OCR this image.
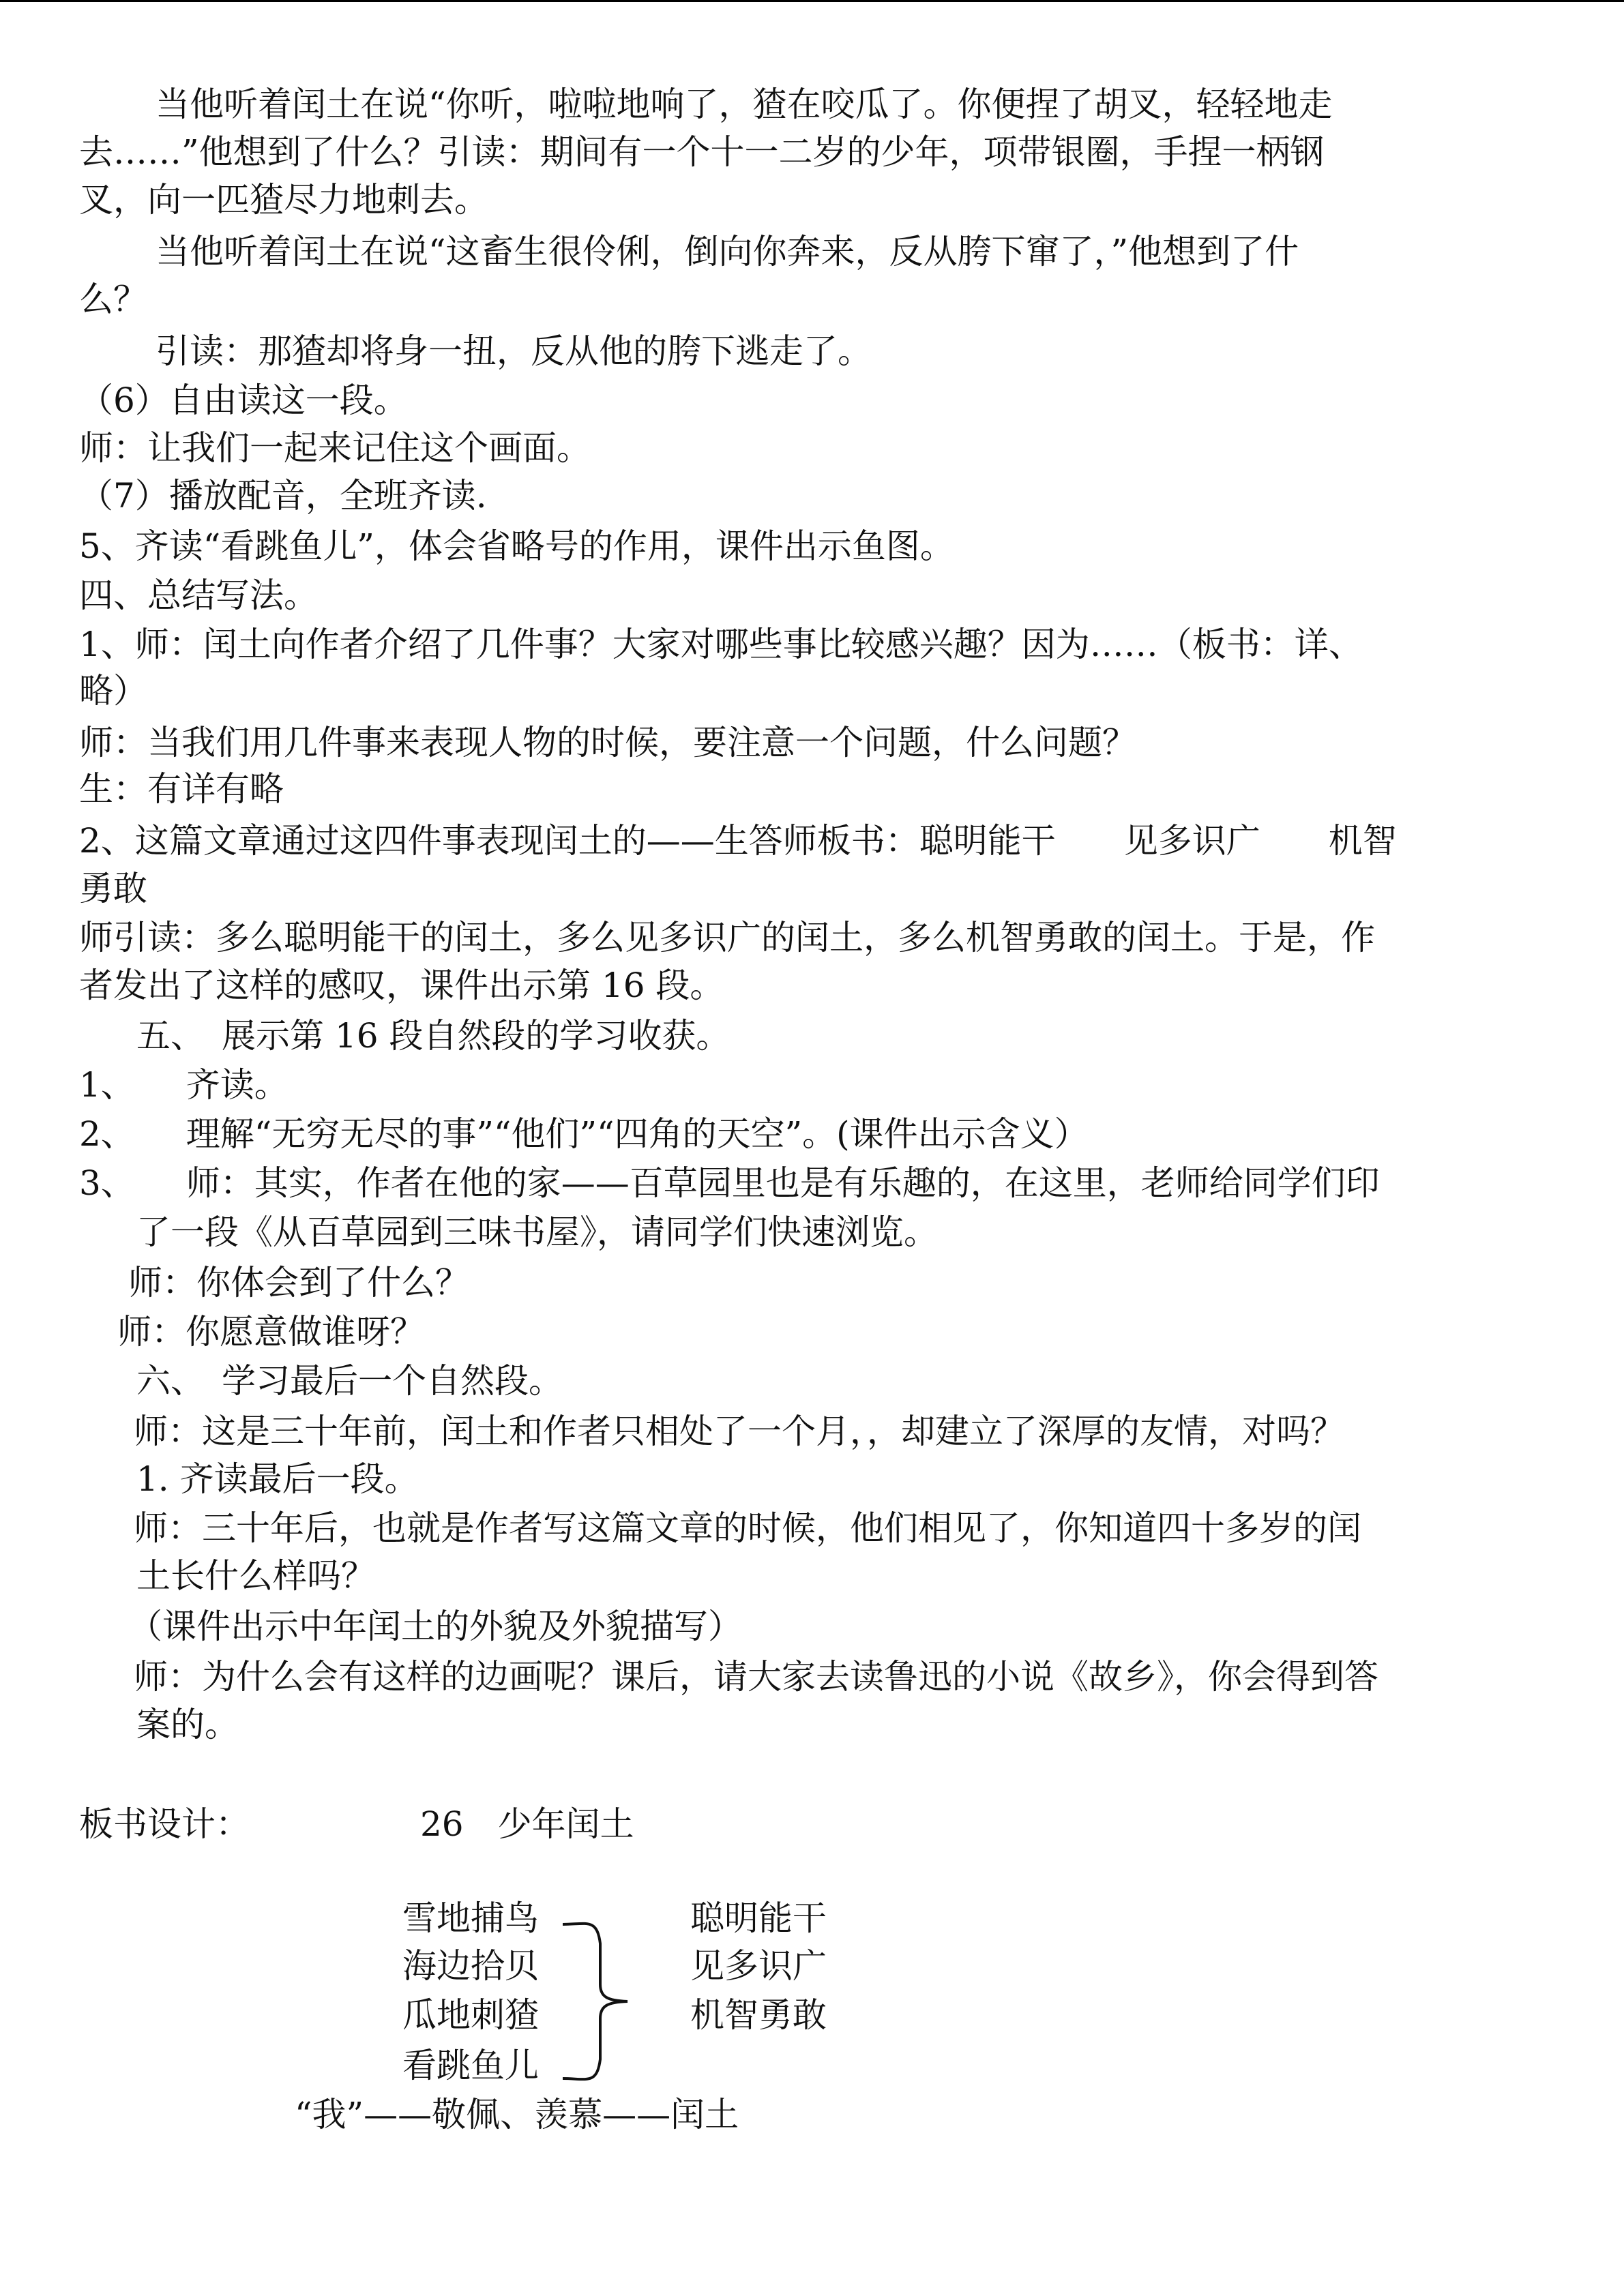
当他听着闰土在说“你听，啦啦地响了，猹在咬瓜了。你便捏了胡叉，轻轻地走

去……”他想到了什么？引读：期间有一个十一二岁的少年，项带银圈，手捏一柄钢

叉，向一匹猹尽力地刺去。

当他听着闰土在说“这畜生很伶俐，倒向你奔来，反从胯下窜了，”他想到了什

么？

引读：那猹却将身一扭，反从他的胯下逃走了。

（6）自由读这一段。

师：让我们一起来记住这个画面。

（7）播放配音，全班齐读.

5、齐读“看跳鱼儿”，体会省略号的作用，课件出示鱼图。

四、总结写法。

1、师：闰土向作者介绍了几件事？大家对哪些事比较感兴趣？因为……（板书：详、

略）

师：当我们用几件事来表现人物的时候，要注意一个问题，什么问题？

生：有详有略

2、这篇文章通过这四件事表现闰土的——生答师板书：聪明能干　　见多识广　　机智

勇敢

师引读：多么聪明能干的闰土，多么见多识广的闰土，多么机智勇敢的闰土。于是，作

者发出了这样的感叹，课件出示第 16 段。

五、　展示第 16 段自然段的学习收获。

1、　　齐读。

2、　　理解“无穷无尽的事”“他们”“四角的天空”。(课件出示含义）

3、　　师：其实，作者在他的家——百草园里也是有乐趣的，在这里，老师给同学们印

了一段《从百草园到三味书屋》，请同学们快速浏览。

师：你体会到了什么？

师：你愿意做谁呀？

六、　学习最后一个自然段。

师：这是三十年前，闰土和作者只相处了一个月，，却建立了深厚的友情，对吗？

1. 齐读最后一段。

师：三十年后，也就是作者写这篇文章的时候，他们相见了，你知道四十多岁的闰

土长什么样吗？

（课件出示中年闰土的外貌及外貌描写）

师：为什么会有这样的边画呢？课后，请大家去读鲁迅的小说《故乡》，你会得到答

案的。

板书设计：	26　少年闰土

雪地捕鸟

海边拾贝

瓜地刺猹

看跳鱼儿

聪明能干

见多识广

机智勇敢

“我”——敬佩、羡慕——闰土
